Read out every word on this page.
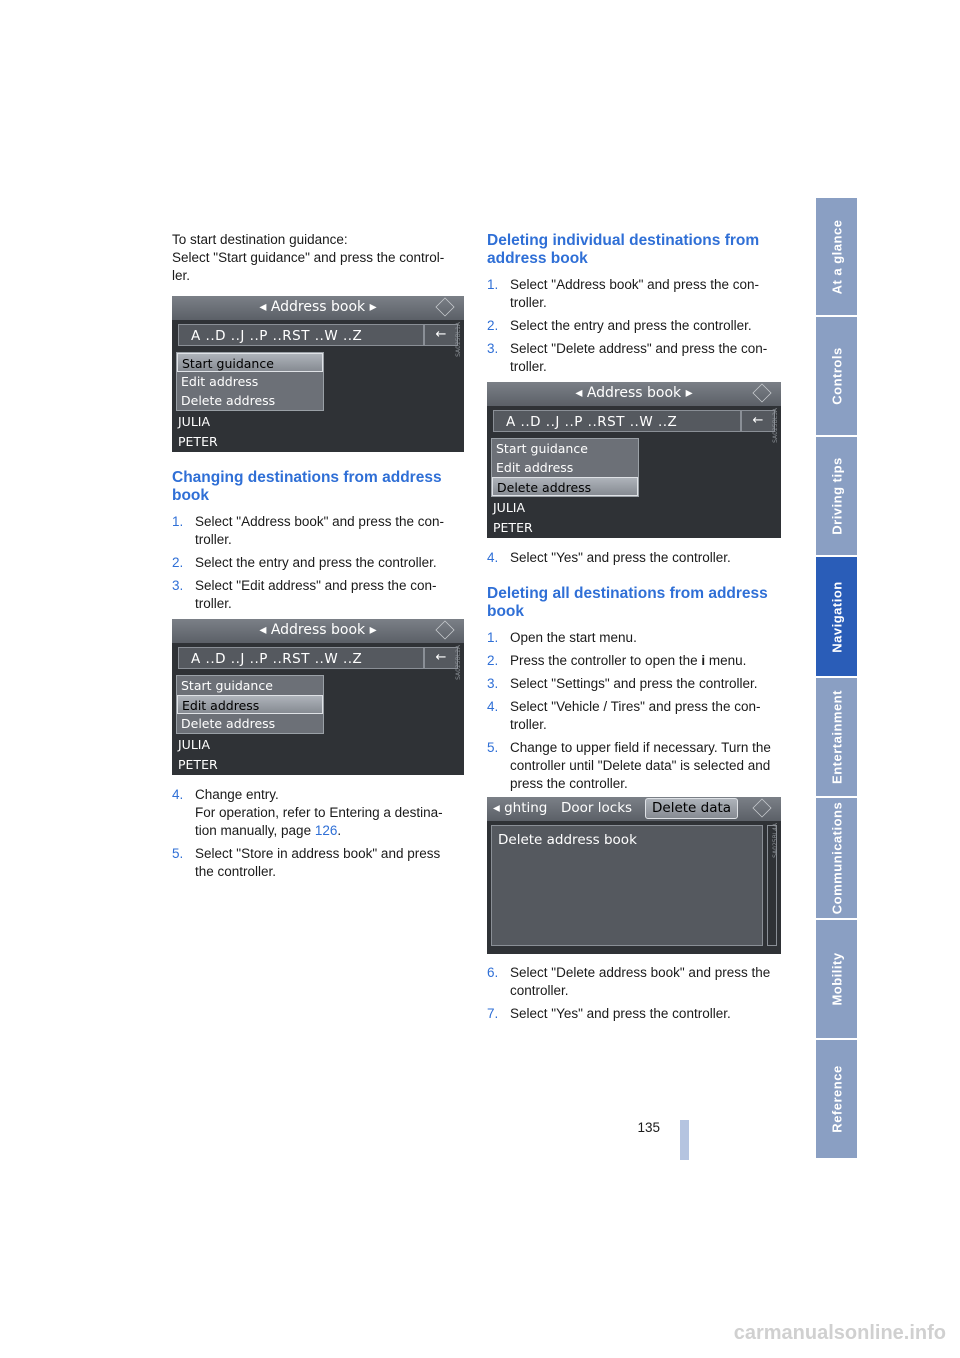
To start destination guidance:
Select "Start guidance" and press the control-
ler.
◂ Address book ▸
A ..D ..J ..P ..RST ..W ..Z	←
Start guidance
Edit address
Delete address
JULIA
PETER
SA025BL1A
Changing destinations from address
book
1. Select "Address book" and press the con-
troller.
2. Select the entry and press the controller.
3. Select "Edit address" and press the con-
troller.
◂ Address book ▸
A ..D ..J ..P ..RST ..W ..Z	←
Start guidance
Edit address
Delete address
JULIA
PETER
SA025BL2A
4. Change entry.
For operation, refer to Entering a destina-
tion manually, page 126.
5. Select "Store in address book" and press
the controller.
Deleting individual destinations from
address book
1. Select "Address book" and press the con-
troller.
2. Select the entry and press the controller.
3. Select "Delete address" and press the con-
troller.
◂ Address book ▸
A ..D ..J ..P ..RST ..W ..Z	←
Start guidance
Edit address
Delete address
JULIA
PETER
SA025BL3A
4. Select "Yes" and press the controller.
Deleting all destinations from address
book
1. Open the start menu.
2. Press the controller to open the i menu.
3. Select "Settings" and press the controller.
4. Select "Vehicle / Tires" and press the con-
troller.
5. Change to upper field if necessary. Turn the
controller until "Delete data" is selected and
press the controller.
◂ ghting Door locks	Delete data
Delete address book	SA025BL4A
6. Select "Delete address book" and press the
controller.
7. Select "Yes" and press the controller.
At a glance
Controls
Driving tips
Navigation
Entertainment
Communications
Mobility
Reference
135
carmanualsonline.info
